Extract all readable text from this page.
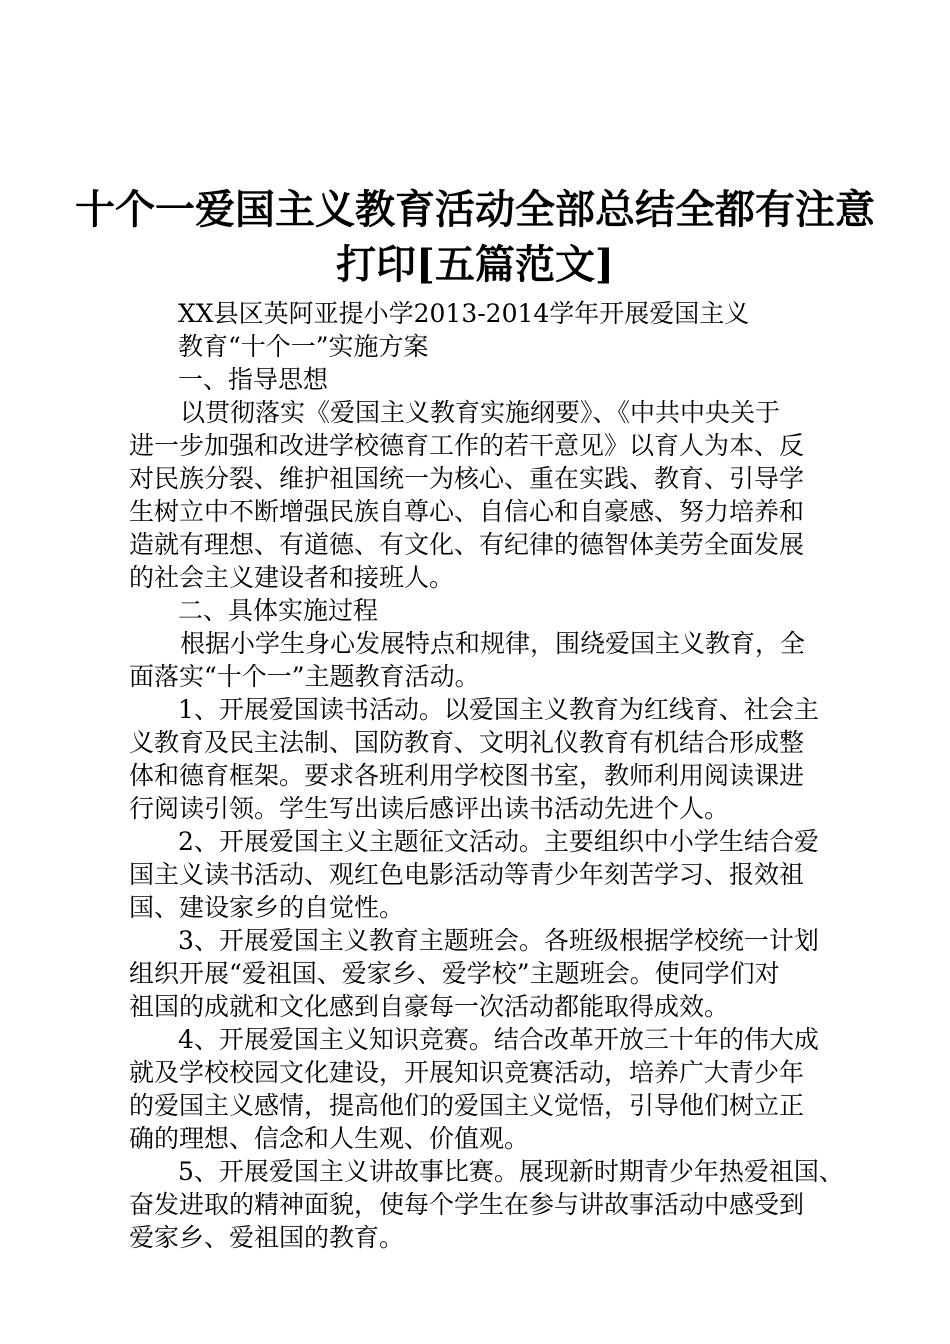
十个一爱国主义教育活动全部总结全都有注意
打印[五篇范文]
XX县区英阿亚提小学2013-2014学年开展爱国主义
教育“十个一”实施方案
一、指导思想
以贯彻落实《爱国主义教育实施纲要》、《中共中央关于
进一步加强和改进学校德育工作的若干意见》以育人为本、反
对民族分裂、维护祖国统一为核心、重在实践、教育、引导学
生树立中不断增强民族自尊心、自信心和自豪感、努力培养和
造就有理想、有道德、有文化、有纪律的德智体美劳全面发展
的社会主义建设者和接班人。
二、具体实施过程
根据小学生身心发展特点和规律，围绕爱国主义教育，全
面落实“十个一”主题教育活动。
1、开展爱国读书活动。以爱国主义教育为红线育、社会主
义教育及民主法制、国防教育、文明礼仪教育有机结合形成整
体和德育框架。要求各班利用学校图书室，教师利用阅读课进
行阅读引领。学生写出读后感评出读书活动先进个人。
2、开展爱国主义主题征文活动。主要组织中小学生结合爱
国主义读书活动、观红色电影活动等青少年刻苦学习、报效祖
国、建设家乡的自觉性。
3、开展爱国主义教育主题班会。各班级根据学校统一计划
组织开展“爱祖国、爱家乡、爱学校”主题班会。使同学们对
祖国的成就和文化感到自豪每一次活动都能取得成效。
4、开展爱国主义知识竞赛。结合改革开放三十年的伟大成
就及学校校园文化建设，开展知识竞赛活动，培养广大青少年
的爱国主义感情，提高他们的爱国主义觉悟，引导他们树立正
确的理想、信念和人生观、价值观。
5、开展爱国主义讲故事比赛。展现新时期青少年热爱祖国、
奋发进取的精神面貌，使每个学生在参与讲故事活动中感受到
爱家乡、爱祖国的教育。
